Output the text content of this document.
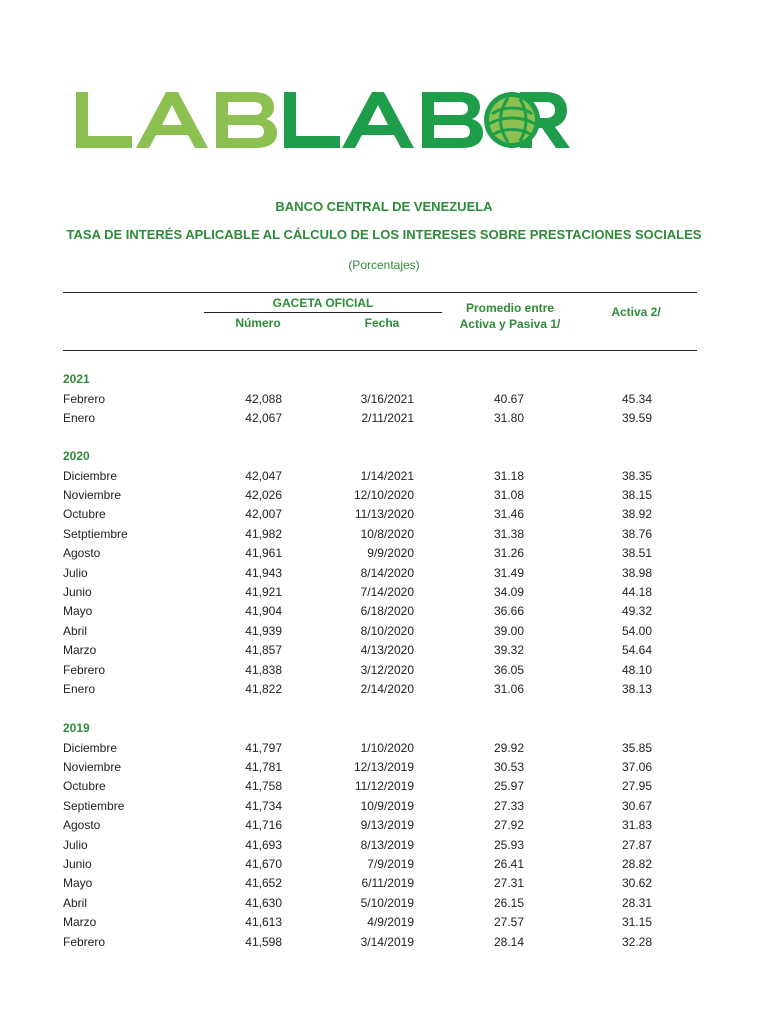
BANCO CENTRAL DE VENEZUELA
TASA DE INTERÉS APLICABLE AL CÁLCULO DE LOS INTERESES SOBRE PRESTACIONES SOCIALES
(Porcentajes)
GACETA OFICIAL
Número	Fecha
Promedio entre
Activa y Pasiva 1/
Activa 2/
2021
Febrero	42,088	3/16/2021	40.67	45.34
Enero	42,067	2/11/2021	31.80	39.59
2020
Diciembre	42,047	1/14/2021	31.18	38.35
Noviembre	42,026	12/10/2020	31.08	38.15
Octubre	42,007	11/13/2020	31.46	38.92
Setptiembre	41,982	10/8/2020	31.38	38.76
Agosto	41,961	9/9/2020	31.26	38.51
Julio	41,943	8/14/2020	31.49	38.98
Junio	41,921	7/14/2020	34.09	44.18
Mayo	41,904	6/18/2020	36.66	49.32
Abril	41,939	8/10/2020	39.00	54.00
Marzo	41,857	4/13/2020	39.32	54.64
Febrero	41,838	3/12/2020	36.05	48.10
Enero	41,822	2/14/2020	31.06	38.13
2019
Diciembre	41,797	1/10/2020	29.92	35.85
Noviembre	41,781	12/13/2019	30.53	37.06
Octubre	41,758	11/12/2019	25.97	27.95
Septiembre	41,734	10/9/2019	27.33	30.67
Agosto	41,716	9/13/2019	27.92	31.83
Julio	41,693	8/13/2019	25.93	27.87
Junio	41,670	7/9/2019	26.41	28.82
Mayo	41,652	6/11/2019	27.31	30.62
Abril	41,630	5/10/2019	26.15	28.31
Marzo	41,613	4/9/2019	27.57	31.15
Febrero	41,598	3/14/2019	28.14	32.28
